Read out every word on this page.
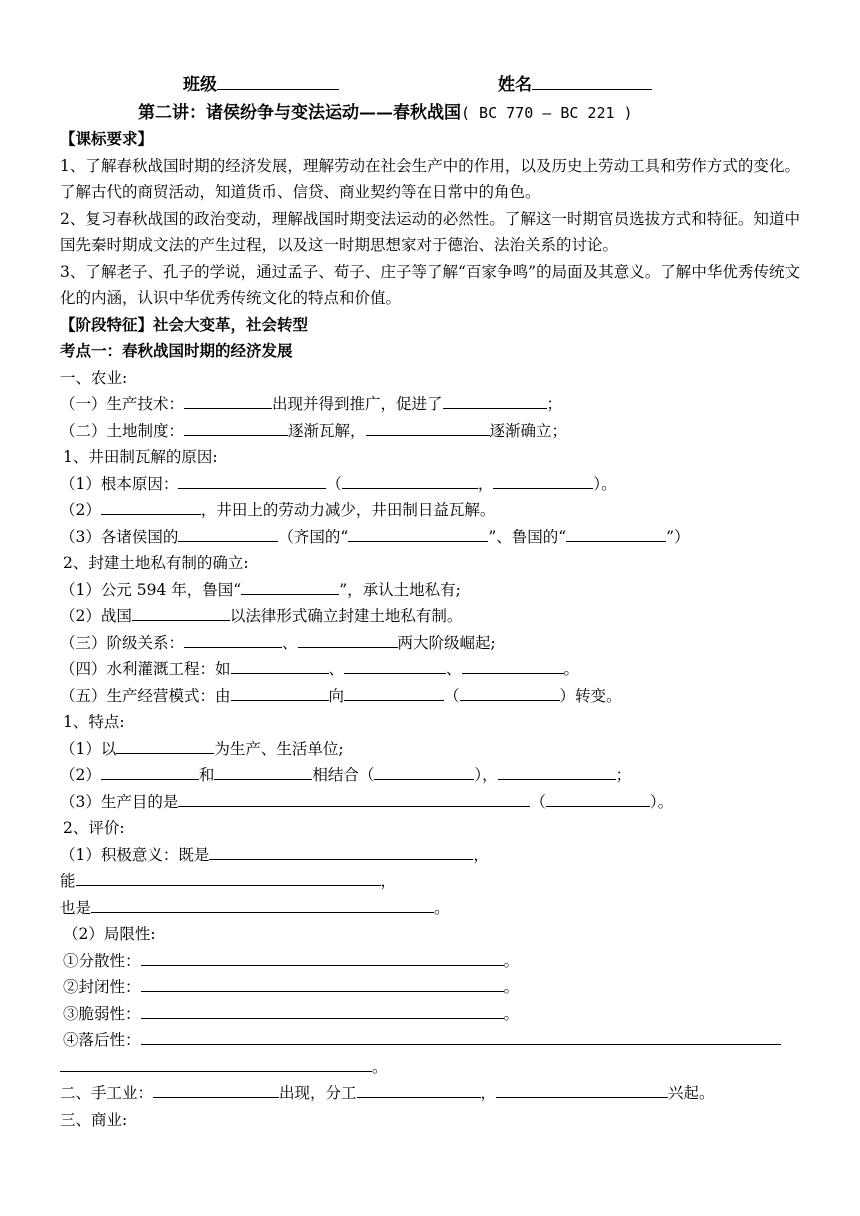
班级	姓名
第二讲：诸侯纷争与变法运动——春秋战国( BC 770 – BC 221 )
【课标要求】
1、了解春秋战国时期的经济发展，理解劳动在社会生产中的作用，以及历史上劳动工具和劳作方式的变化。了解古代的商贸活动，知道货币、信贷、商业契约等在日常中的角色。
2、复习春秋战国的政治变动，理解战国时期变法运动的必然性。了解这一时期官员选拔方式和特征。知道中国先秦时期成文法的产生过程，以及这一时期思想家对于德治、法治关系的讨论。
3、了解老子、孔子的学说，通过孟子、荀子、庄子等了解“百家争鸣”的局面及其意义。了解中华优秀传统文化的内涵，认识中华优秀传统文化的特点和价值。
【阶段特征】社会大变革，社会转型
考点一：春秋战国时期的经济发展
一、农业:
（一）生产技术：	出现并得到推广，促进了	；
（二）土地制度：	逐渐瓦解，	逐渐确立；
1、井田制瓦解的原因:
（1）根本原因：	（	，	）。
（2）	，井田上的劳动力减少，井田制日益瓦解。
（3）各诸侯国的	（齐国的“	”、鲁国的“	”）
2、封建土地私有制的确立:
（1）公元 594 年，鲁国“	”，承认土地私有;
（2）战国	以法律形式确立封建土地私有制。
（三）阶级关系：	、	两大阶级崛起;
（四）水利灌溉工程：如	、	、	。
（五）生产经营模式：由	向	（	）转变。
1、特点:
（1）以	为生产、生活单位;
（2）	和	相结合（	），	；
（3）生产目的是	（	）。
2、评价:
（1）积极意义：既是	，
能	，
也是	。
（2）局限性:
①分散性：	。
②封闭性：	。
③脆弱性：	。
④落后性：
。
二、手工业：	出现，分工	，	兴起。
三、商业:
